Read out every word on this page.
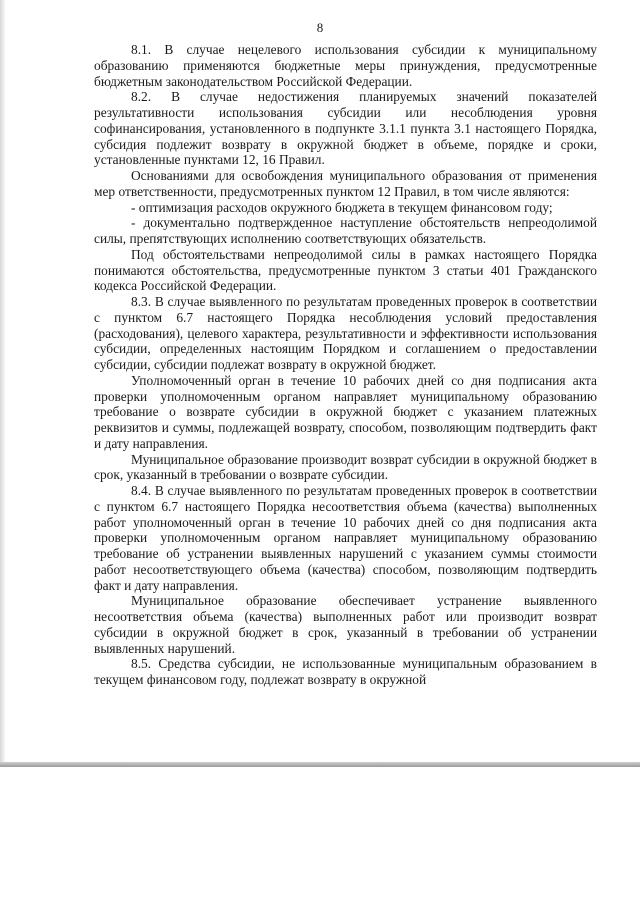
8

8.1. В случае нецелевого использования субсидии к муниципальному образованию применяются бюджетные меры принуждения, предусмотренные бюджетным законодательством Российской Федерации.

8.2. В случае недостижения планируемых значений показателей результативности использования субсидии или несоблюдения уровня софинансирования, установленного в подпункте 3.1.1 пункта 3.1 настоящего Порядка, субсидия подлежит возврату в окружной бюджет в объеме, порядке и сроки, установленные пунктами 12, 16 Правил.

Основаниями для освобождения муниципального образования от применения мер ответственности, предусмотренных пунктом 12 Правил, в том числе являются:

- оптимизация расходов окружного бюджета в текущем финансовом году;

- документально подтвержденное наступление обстоятельств непреодолимой силы, препятствующих исполнению соответствующих обязательств.

Под обстоятельствами непреодолимой силы в рамках настоящего Порядка понимаются обстоятельства, предусмотренные пунктом 3 статьи 401 Гражданского кодекса Российской Федерации.

8.3. В случае выявленного по результатам проведенных проверок в соответствии с пунктом 6.7 настоящего Порядка несоблюдения условий предоставления (расходования), целевого характера, результативности и эффективности использования субсидии, определенных настоящим Порядком и соглашением о предоставлении субсидии, субсидии подлежат возврату в окружной бюджет.

Уполномоченный орган в течение 10 рабочих дней со дня подписания акта проверки уполномоченным органом направляет муниципальному образованию требование о возврате субсидии в окружной бюджет с указанием платежных реквизитов и суммы, подлежащей возврату, способом, позволяющим подтвердить факт и дату направления.

Муниципальное образование производит возврат субсидии в окружной бюджет в срок, указанный в требовании о возврате субсидии.

8.4. В случае выявленного по результатам проведенных проверок в соответствии с пунктом 6.7 настоящего Порядка несоответствия объема (качества) выполненных работ уполномоченный орган в течение 10 рабочих дней со дня подписания акта проверки уполномоченным органом направляет муниципальному образованию требование об устранении выявленных нарушений с указанием суммы стоимости работ несоответствующего объема (качества) способом, позволяющим подтвердить факт и дату направления.

Муниципальное образование обеспечивает устранение выявленного несоответствия объема (качества) выполненных работ или производит возврат субсидии в окружной бюджет в срок, указанный в требовании об устранении выявленных нарушений.

8.5. Средства субсидии, не использованные муниципальным образованием в текущем финансовом году, подлежат возврату в окружной
